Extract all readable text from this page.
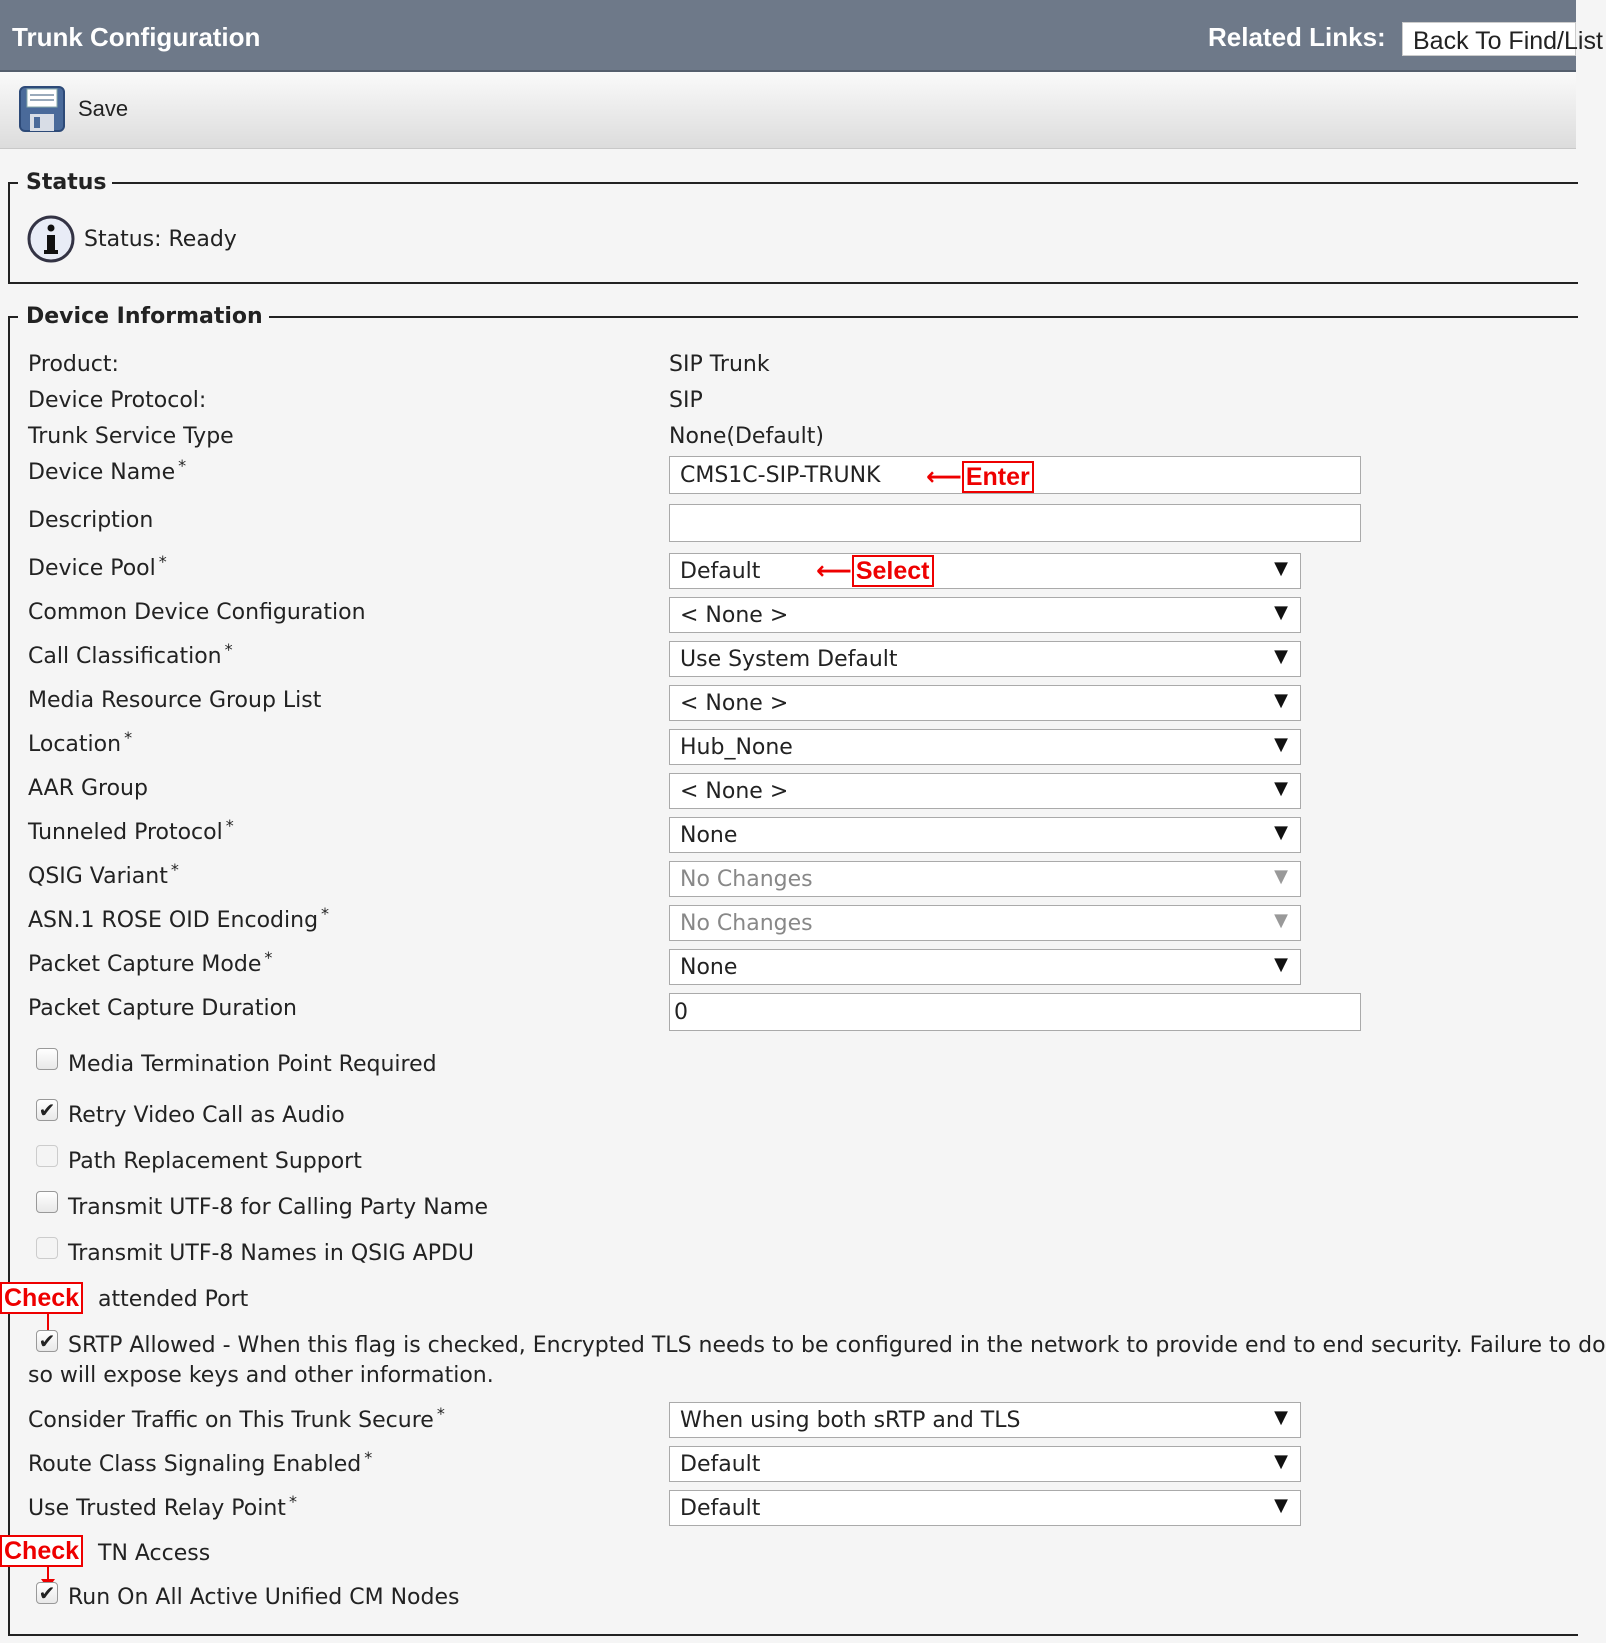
Trunk Configuration	Related Links:	Back To Find/List
Save
Status
Status: Ready
Device Information
Product:	SIP Trunk
Device Protocol:	SIP
Trunk Service Type	None(Default)
Device Name *	CMS1C-SIP-TRUNK	⟵ Enter
Description
Device Pool *	Default	▼
⟵ Select
Common Device Configuration	< None >	▼
Call Classification *	Use System Default	▼
Media Resource Group List	< None >	▼
Location *	Hub_None	▼
AAR Group	< None >	▼
Tunneled Protocol *	None	▼
QSIG Variant *	No Changes	▼
ASN.1 ROSE OID Encoding *	No Changes	▼
Packet Capture Mode *	None	▼
Packet Capture Duration	0
Media Termination Point Required
✔ Retry Video Call as Audio
Path Replacement Support
Transmit UTF-8 for Calling Party Name
Transmit UTF-8 Names in QSIG APDU
attended Port
Check
✔ SRTP Allowed - When this flag is checked, Encrypted TLS needs to be configured in the network to provide end to end security. Failure to do
so will expose keys and other information.
Consider Traffic on This Trunk Secure *	When using both sRTP and TLS	▼
Route Class Signaling Enabled *	Default	▼
Use Trusted Relay Point *	Default	▼
TN Access
Check
✔ Run On All Active Unified CM Nodes
